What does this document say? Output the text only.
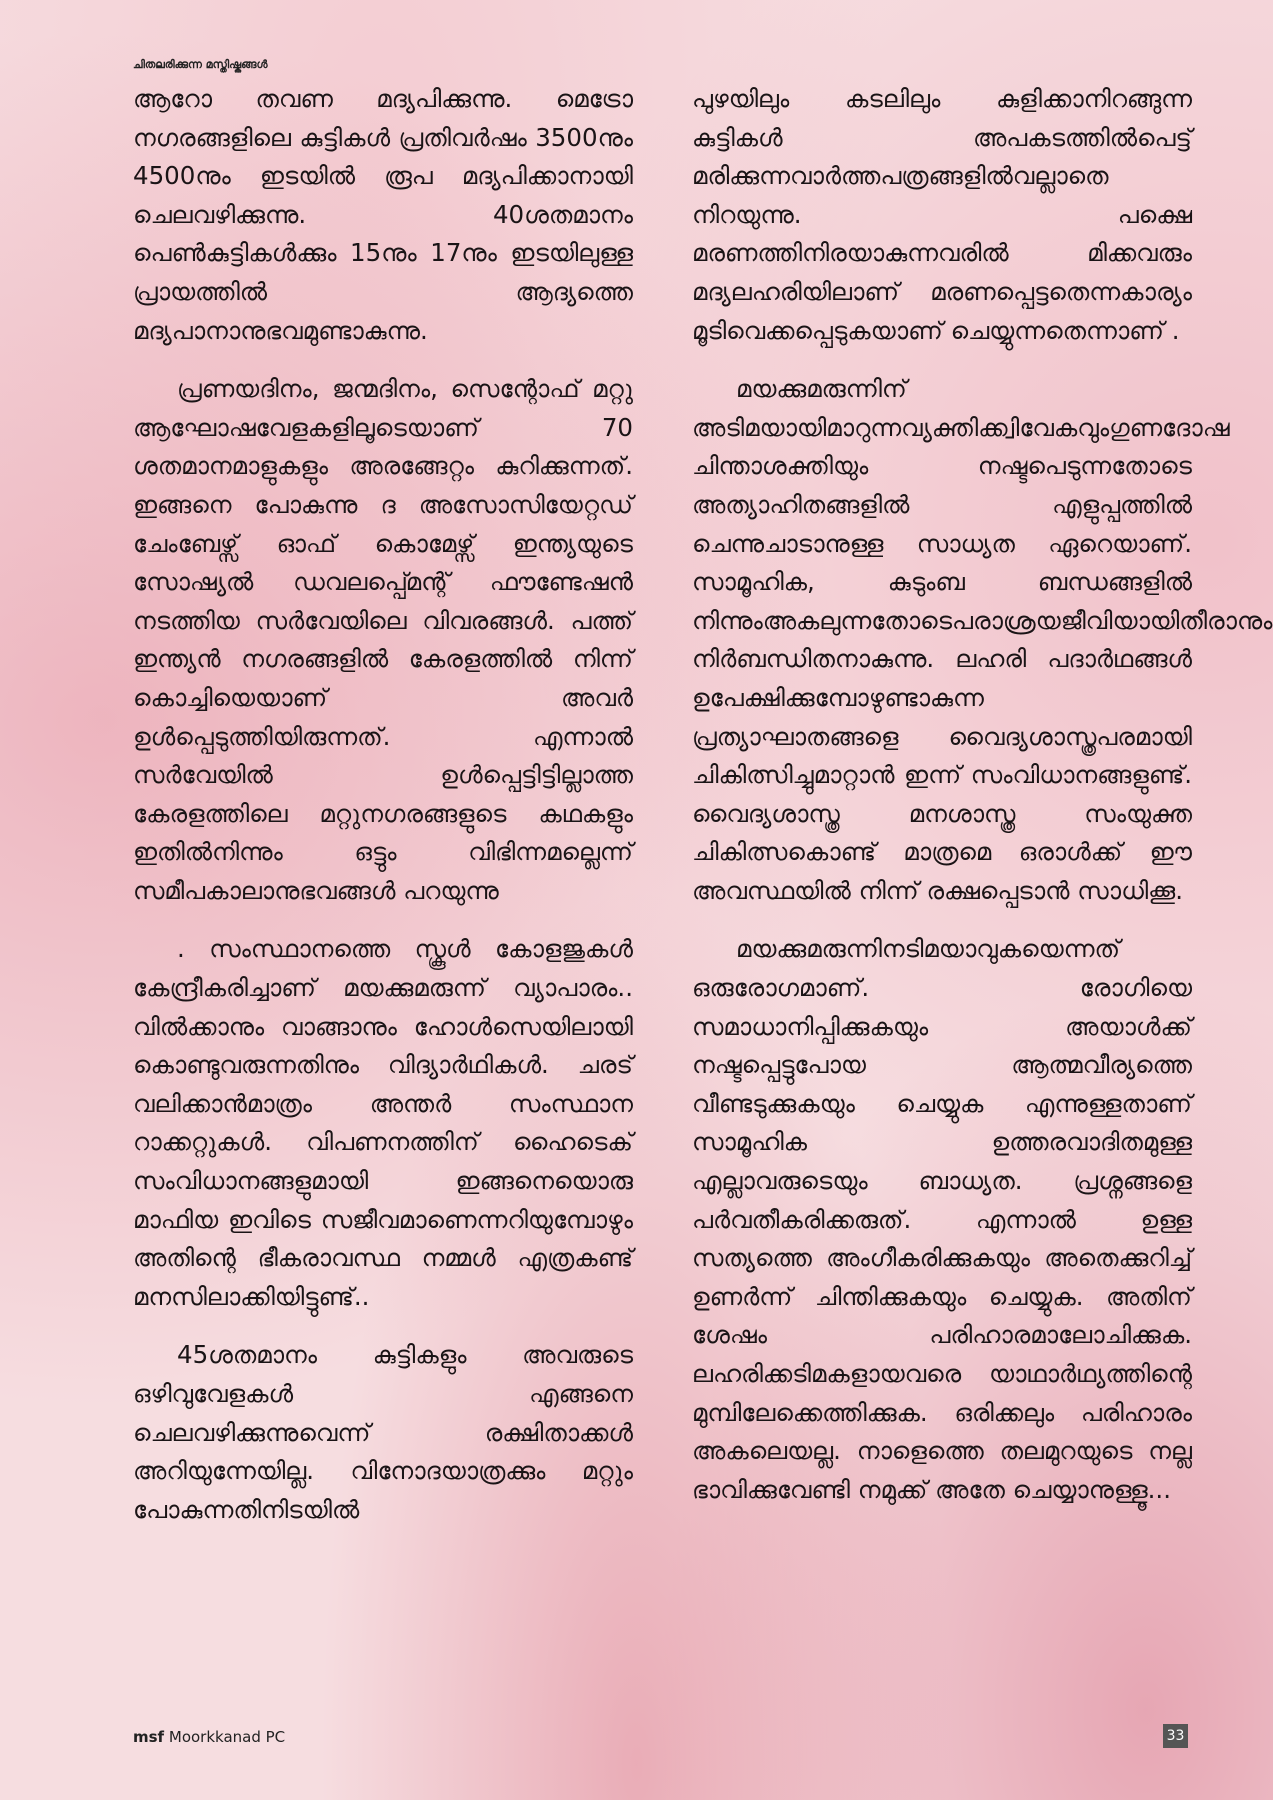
ചിതലരിക്കുന്ന മസ്തിഷ്കങ്ങൾ

ആറോ തവണ മദ്യപിക്കുന്നു. മെട്രോ നഗരങ്ങളിലെ കുട്ടികൾ പ്രതിവർഷം 3500നും 4500നും ഇടയിൽ രൂപ മദ്യപിക്കാനായി ചെലവഴിക്കുന്നു. 40ശതമാനം പെൺകുട്ടികൾക്കും 15നും 17നും ഇടയിലുള്ള പ്രായത്തിൽ ആദ്യത്തെ മദ്യപാനാനുഭവമുണ്ടാകുന്നു.

പ്രണയദിനം, ജന്മദിനം, സെന്റോഫ് മറ്റു ആഘോഷവേളകളിലൂടെയാണ് 70 ശതമാനമാളുകളും അരങ്ങേറ്റം കുറിക്കുന്നത്. ഇങ്ങനെ പോകുന്നു ദ അസോസിയേറ്റഡ് ചേംബേഴ്സ് ഓഫ് കൊമേഴ്സ് ഇന്ത്യയുടെ സോഷ്യൽ ഡവലപ്പ്മെന്റ് ഫൗണ്ടേഷൻ നടത്തിയ സർവേയിലെ വിവരങ്ങൾ. പത്ത് ഇന്ത്യൻ നഗരങ്ങളിൽ കേരളത്തിൽ നിന്ന് കൊച്ചിയെയാണ് അവർ ഉൾപ്പെടുത്തിയിരുന്നത്. എന്നാൽ സർവേയിൽ ഉൾപ്പെട്ടിട്ടില്ലാത്ത കേരളത്തിലെ മറ്റുനഗരങ്ങളുടെ കഥകളും ഇതിൽനിന്നും ഒട്ടും വിഭിന്നമല്ലെന്ന് സമീപകാലാനുഭവങ്ങൾ പറയുന്നു

. സംസ്ഥാനത്തെ സ്കൂൾ കോളജുകൾ കേന്ദ്രീകരിച്ചാണ് മയക്കുമരുന്ന് വ്യാപാരം.. വിൽക്കാനും വാങ്ങാനും ഹോൾസെയിലായി കൊണ്ടുവരുന്നതിനും വിദ്യാർഥികൾ. ചരട് വലിക്കാൻമാത്രം അന്തർ സംസ്ഥാന റാക്കറ്റുകൾ. വിപണനത്തിന് ഹൈടെക് സംവിധാനങ്ങളുമായി ഇങ്ങനെയൊരു മാഫിയ ഇവിടെ സജീവമാണെന്നറിയുമ്പോഴും അതിന്റെ ഭീകരാവസ്ഥ നമ്മൾ എത്രകണ്ട് മനസിലാക്കിയിട്ടുണ്ട്..

45ശതമാനം കുട്ടികളും അവരുടെ ഒഴിവുവേളകൾ എങ്ങനെ ചെലവഴിക്കുന്നുവെന്ന് രക്ഷിതാക്കൾ അറിയുന്നേയില്ല. വിനോദയാത്രക്കും മറ്റും പോകുന്നതിനിടയിൽ

പുഴയിലും കടലിലും കുളിക്കാനിറങ്ങുന്ന കുട്ടികൾ അപകടത്തിൽപെട്ട് മരിക്കുന്നവാർത്തപത്രങ്ങളിൽവല്ലാതെ നിറയുന്നു. പക്ഷെ മരണത്തിനിരയാകുന്നവരിൽ മിക്കവരും മദ്യലഹരിയിലാണ് മരണപ്പെട്ടതെന്നകാര്യം മൂടിവെക്കപ്പെടുകയാണ് ചെയ്യുന്നതെന്നാണ് .

മയക്കുമരുന്നിന് അടിമയായിമാറുന്നവ്യക്തിക്ക്വിവേകവുംഗുണദോഷ ചിന്താശക്തിയും നഷ്ടപെടുന്നതോടെ അത്യാഹിതങ്ങളിൽ എളുപ്പത്തിൽ ചെന്നുചാടാനുള്ള സാധ്യത ഏറെയാണ്. സാമൂഹിക, കുടുംബ ബന്ധങ്ങളിൽ നിന്നുംഅകലുന്നതോടെപരാശ്രയജീവിയായിതീരാനും നിർബന്ധിതനാകുന്നു. ലഹരി പദാർഥങ്ങൾ ഉപേക്ഷിക്കുമ്പോഴുണ്ടാകുന്ന പ്രത്യാഘാതങ്ങളെ വൈദ്യശാസ്ത്രപരമായി ചികിത്സിച്ചുമാറ്റാൻ ഇന്ന് സംവിധാനങ്ങളുണ്ട്. വൈദ്യശാസ്ത്ര മനശാസ്ത്ര സംയുക്ത ചികിത്സകൊണ്ട് മാത്രമെ ഒരാൾക്ക് ഈ അവസ്ഥയിൽ നിന്ന് രക്ഷപ്പെടാൻ സാധിക്കൂ.

മയക്കുമരുന്നിനടിമയാവുകയെന്നത് ഒരുരോഗമാണ്. രോഗിയെ സമാധാനിപ്പിക്കുകയും അയാൾക്ക് നഷ്ടപ്പെട്ടുപോയ ആത്മവീര്യത്തെ വീണ്ടടുക്കുകയും ചെയ്യുക എന്നുള്ളതാണ് സാമൂഹിക ഉത്തരവാദിതമുള്ള എല്ലാവരുടെയും ബാധ്യത. പ്രശ്നങ്ങളെ പർവതീകരിക്കരുത്. എന്നാൽ ഉള്ള സത്യത്തെ അംഗീകരിക്കുകയും അതെക്കുറിച്ച് ഉണർന്ന് ചിന്തിക്കുകയും ചെയ്യുക. അതിന് ശേഷം പരിഹാരമാലോചിക്കുക. ലഹരിക്കടിമകളായവരെ യാഥാർഥ്യത്തിന്റെ മുമ്പിലേക്കെത്തിക്കുക. ഒരിക്കലും പരിഹാരം അകലെയല്ല. നാളെത്തെ തലമുറയുടെ നല്ല ഭാവിക്കുവേണ്ടി നമുക്ക് അതേ ചെയ്യാനുള്ളൂ...

msf Moorkkanad PC	33
